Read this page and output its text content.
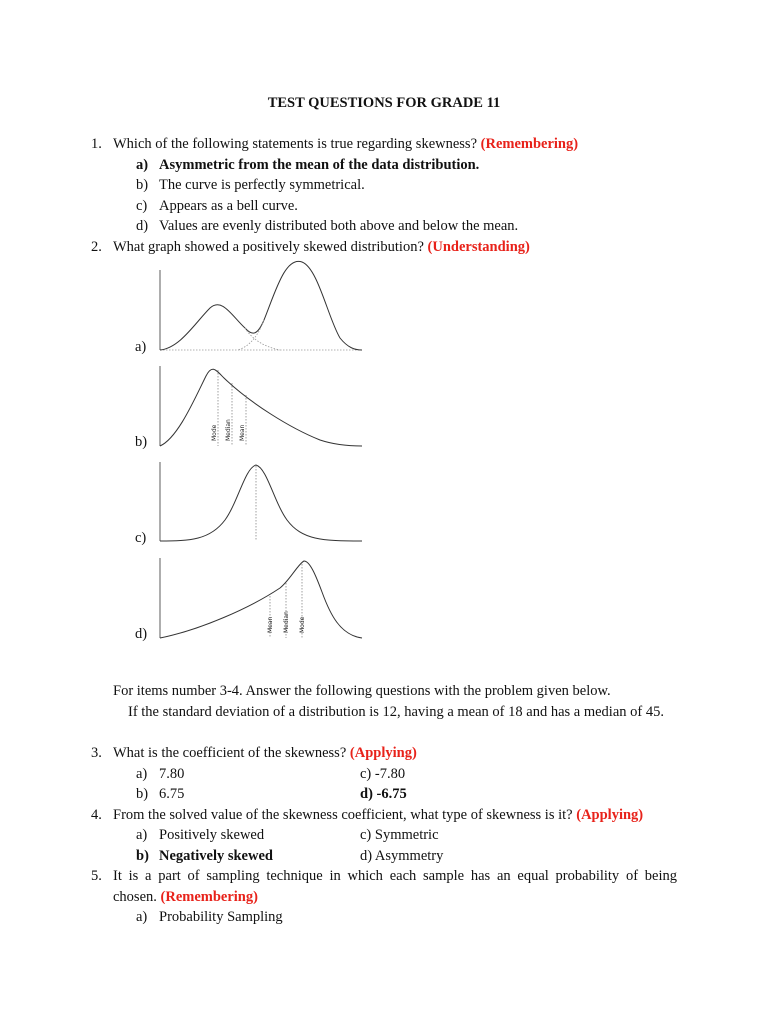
TEST QUESTIONS FOR GRADE 11
1. Which of the following statements is true regarding skewness? (Remembering)
a) Asymmetric from the mean of the data distribution.
b) The curve is perfectly symmetrical.
c) Appears as a bell curve.
d) Values are evenly distributed both above and below the mean.
2. What graph showed a positively skewed distribution? (Understanding)
a)
b)
c)
d)
Mode Median Mean
Mean Median Mode
For items number 3-4. Answer the following questions with the problem given below.
If the standard deviation of a distribution is 12, having a mean of 18 and has a median of 45.
3. What is the coefficient of the skewness? (Applying)
a) 7.80
b) 6.75
c) -7.80
d) -6.75
4. From the solved value of the skewness coefficient, what type of skewness is it? (Applying)
a) Positively skewed
b) Negatively skewed
c) Symmetric
d) Asymmetry
5. It is a part of sampling technique in which each sample has an equal probability of being
chosen. (Remembering)
a) Probability Sampling
